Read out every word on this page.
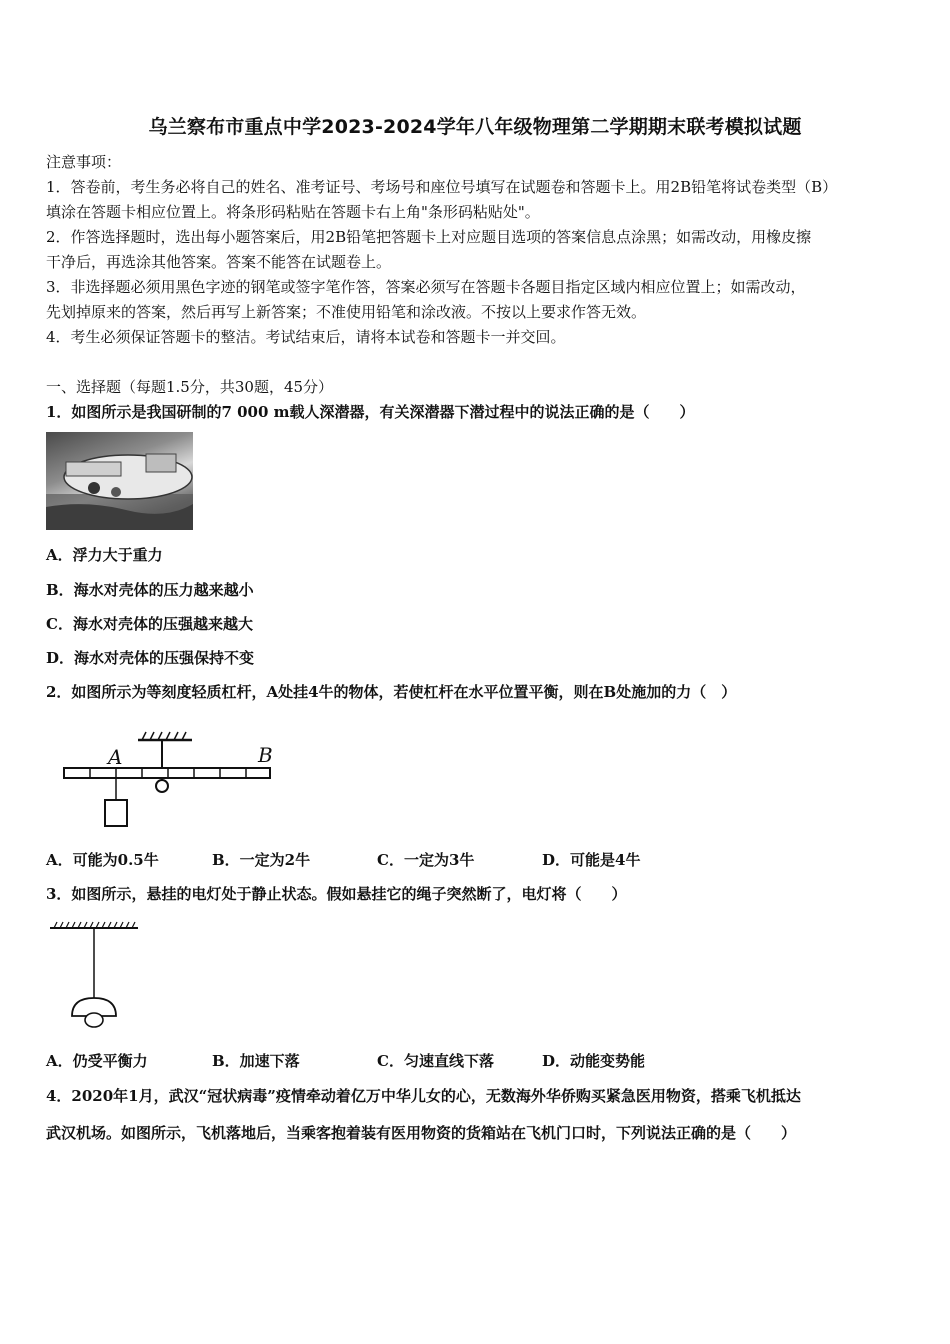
乌兰察布市重点中学2023-2024学年八年级物理第二学期期末联考模拟试题
注意事项：
1．答卷前，考生务必将自己的姓名、准考证号、考场号和座位号填写在试题卷和答题卡上。用2B铅笔将试卷类型（B）
填涂在答题卡相应位置上。将条形码粘贴在答题卡右上角"条形码粘贴处"。
2．作答选择题时，选出每小题答案后，用2B铅笔把答题卡上对应题目选项的答案信息点涂黑；如需改动，用橡皮擦
干净后，再选涂其他答案。答案不能答在试题卷上。
3．非选择题必须用黑色字迹的钢笔或签字笔作答，答案必须写在答题卡各题目指定区域内相应位置上；如需改动，
先划掉原来的答案，然后再写上新答案；不准使用铅笔和涂改液。不按以上要求作答无效。
4．考生必须保证答题卡的整洁。考试结束后，请将本试卷和答题卡一并交回。
一、选择题（每题1.5分，共30题，45分）
1．如图所示是我国研制的7 000 m载人深潜器，有关深潜器下潜过程中的说法正确的是（　　）
A．浮力大于重力
B．海水对壳体的压力越来越小
C．海水对壳体的压强越来越大
D．海水对壳体的压强保持不变
2．如图所示为等刻度轻质杠杆，A处挂4牛的物体，若使杠杆在水平位置平衡，则在B处施加的力（　）
A	B
A．可能为0.5牛	B．一定为2牛	C．一定为3牛	D．可能是4牛
3．如图所示，悬挂的电灯处于静止状态。假如悬挂它的绳子突然断了，电灯将（　　）
A．仍受平衡力	B．加速下落	C．匀速直线下落	D．动能变势能
4．2020年1月，武汉“冠状病毒”疫情牵动着亿万中华儿女的心，无数海外华侨购买紧急医用物资，搭乘飞机抵达
武汉机场。如图所示，飞机落地后，当乘客抱着装有医用物资的货箱站在飞机门口时，下列说法正确的是（　　）
